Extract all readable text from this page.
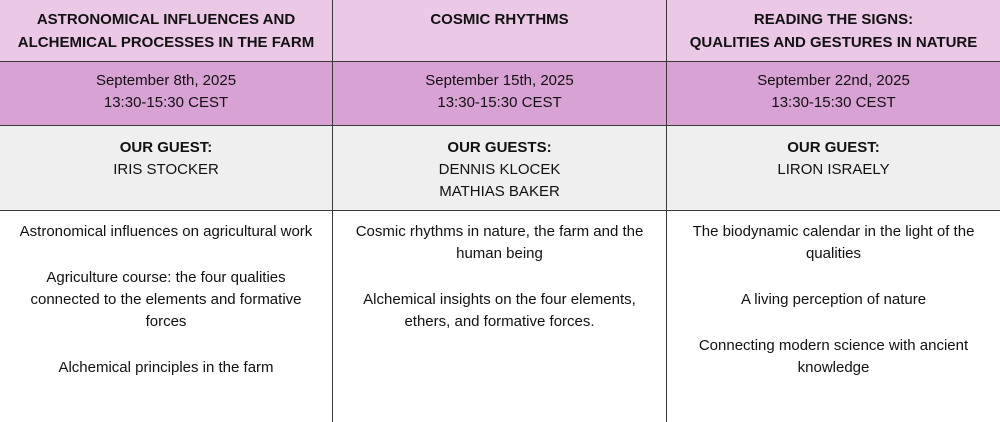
ASTRONOMICAL INFLUENCES AND
ALCHEMICAL PROCESSES IN THE FARM
COSMIC RHYTHMS	READING THE SIGNS:
QUALITIES AND GESTURES IN NATURE
September 8th, 2025
13:30-15:30 CEST
September 15th, 2025
13:30-15:30 CEST
September 22nd, 2025
13:30-15:30 CEST
OUR GUEST:
IRIS STOCKER
OUR GUESTS:
DENNIS KLOCEK
MATHIAS BAKER
OUR GUEST:
LIRON ISRAELY
Astronomical influences on agricultural work
Agriculture course: the four qualities connected to the elements and formative forces
Alchemical principles in the farm
Cosmic rhythms in nature, the farm and the human being
Alchemical insights on the four elements, ethers, and formative forces.
The biodynamic calendar in the light of the qualities
A living perception of nature
Connecting modern science with ancient knowledge
